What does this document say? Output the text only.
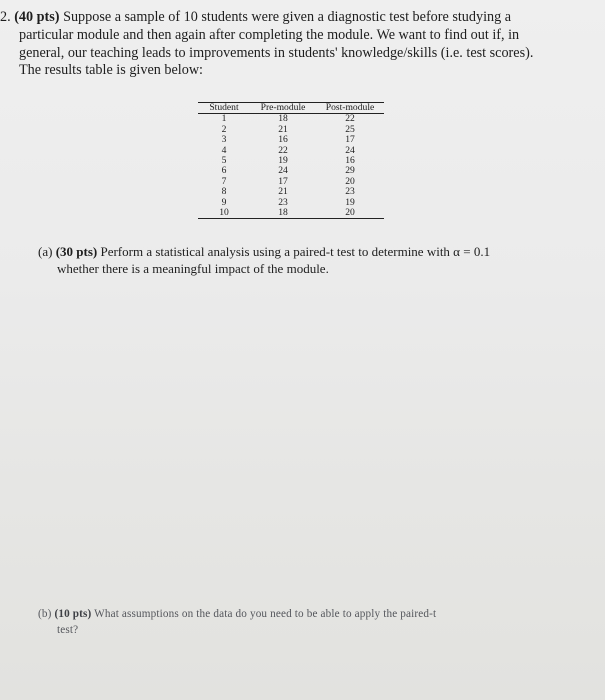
2. (40 pts) Suppose a sample of 10 students were given a diagnostic test before studying a
particular module and then again after completing the module. We want to find out if, in
general, our teaching leads to improvements in students' knowledge/skills (i.e. test scores).
The results table is given below:
Student	Pre-module	Post-module
1	18	22
2	21	25
3	16	17
4	22	24
5	19	16
6	24	29
7	17	20
8	21	23
9	23	19
10	18	20
(a) (30 pts) Perform a statistical analysis using a paired-t test to determine with α = 0.1
whether there is a meaningful impact of the module.
(b) (10 pts) What assumptions on the data do you need to be able to apply the paired-t
test?
